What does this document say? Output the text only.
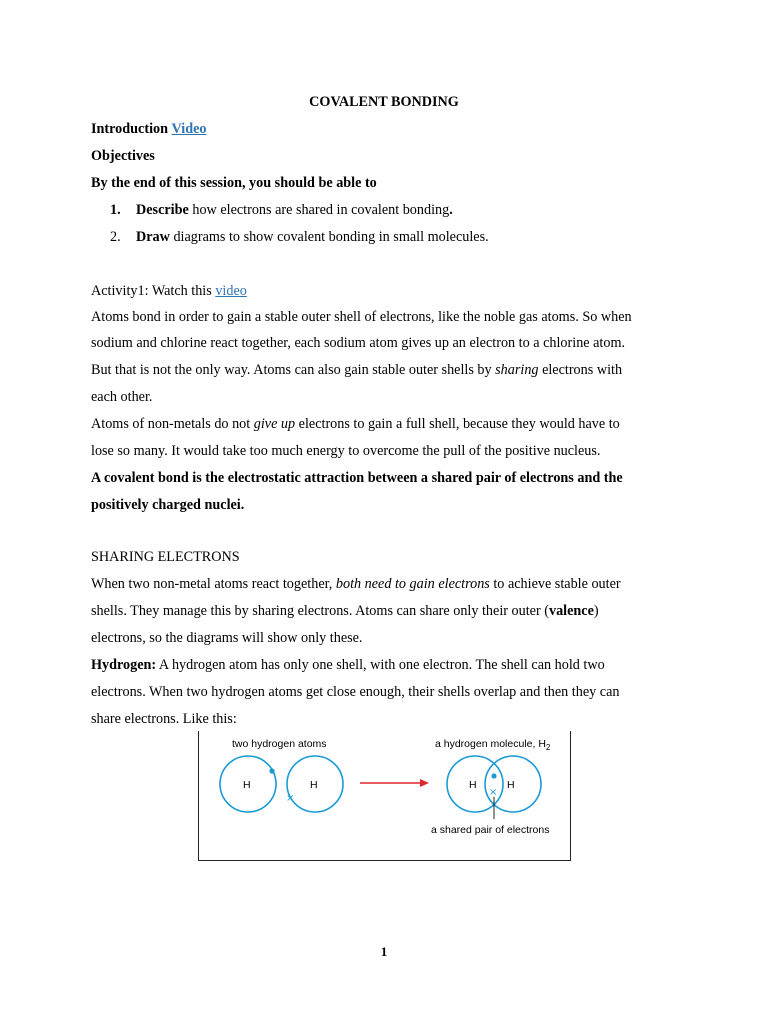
COVALENT BONDING
Introduction Video
Objectives
By the end of this session, you should be able to
1. Describe how electrons are shared in covalent bonding.
2. Draw diagrams to show covalent bonding in small molecules.
Activity1: Watch this video
Atoms bond in order to gain a stable outer shell of electrons, like the noble gas atoms. So when
sodium and chlorine react together, each sodium atom gives up an electron to a chlorine atom.
But that is not the only way. Atoms can also gain stable outer shells by sharing electrons with
each other.
Atoms of non-metals do not give up electrons to gain a full shell, because they would have to
lose so many. It would take too much energy to overcome the pull of the positive nucleus.
A covalent bond is the electrostatic attraction between a shared pair of electrons and the
positively charged nuclei.
SHARING ELECTRONS
When two non-metal atoms react together, both need to gain electrons to achieve stable outer
shells. They manage this by sharing electrons. Atoms can share only their outer (valence)
electrons, so the diagrams will show only these.
Hydrogen: A hydrogen atom has only one shell, with one electron. The shell can hold two
electrons. When two hydrogen atoms get close enough, their shells overlap and then they can
share electrons. Like this:
two hydrogen atoms	a hydrogen molecule, $H_2$
H
×
H	H	H
×
a shared pair of electrons
1
